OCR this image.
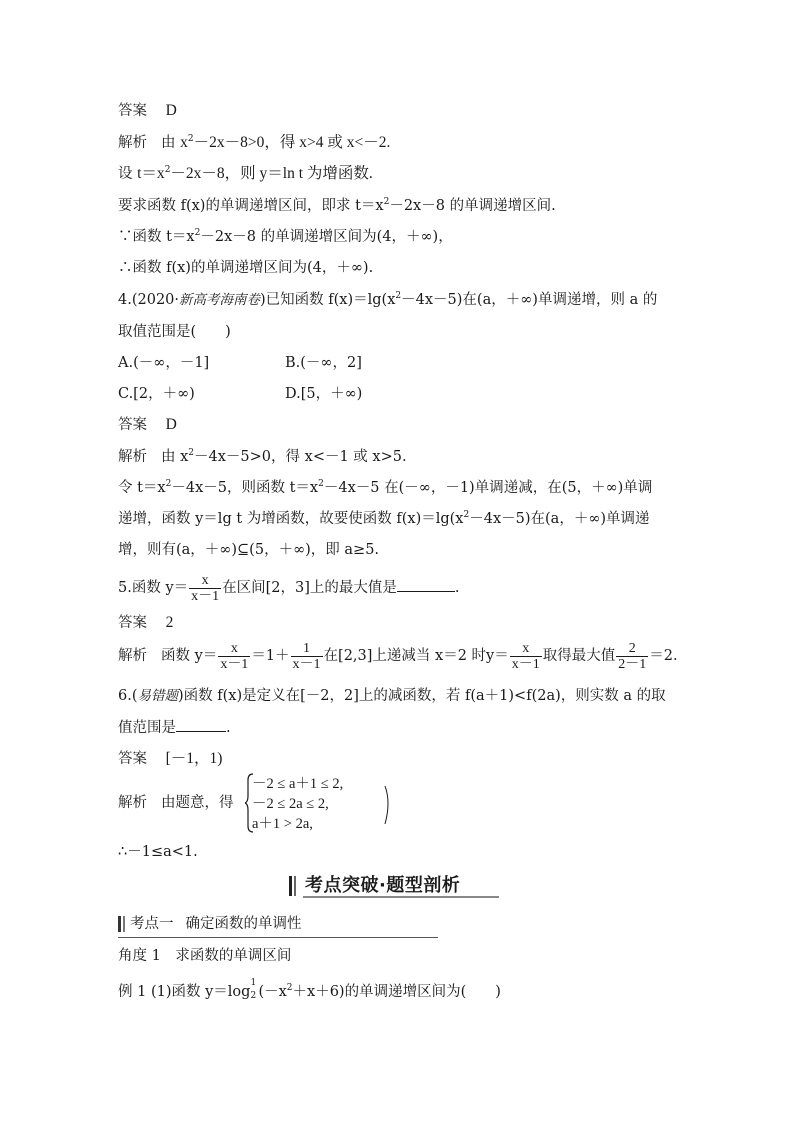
答案 D
解析 由 $x^2-2x-8>0$，得 x>4 或 x<－2.
设 $t=x^2-2x-8$，则 y＝ln t 为增函数.
要求函数 f(x)的单调递增区间，即求 $t=x^2-2x-8$ 的单调递增区间.
∵函数 $t=x^2-2x-8$ 的单调递增区间为(4，＋∞)，
∴函数 f(x)的单调递增区间为(4，＋∞).
4.(2020·新高考海南卷)已知函数 $f(x)=\lg(x^2-4x-5)$在(a，＋∞)单调递增，则 a 的
取值范围是(　　)
A.(－∞，－1]	B.(－∞，2]
C.[2，＋∞)	D.[5，＋∞)
答案 D
解析 由 $x^2-4x-5>0$，得 x<－1 或 x>5.
令 $t=x^2-4x-5$，则函数 $t=x^2-4x-5$ 在(－∞，－1)单调递减，在(5，＋∞)单调
递增，函数 y＝lg t 为增函数，故要使函数 $f(x)=\lg(x^2-4x-5)$在(a，＋∞)单调递
增，则有(a，＋∞)⊆(5，＋∞)，即 a≥5.
5.函数 $y= \frac{x}{x-1}$ 在区间[2，3]上的最大值是	.
答案 2
解析 函数 $y= \frac{x}{x-1} =1+ \frac{1}{x-1}$ 在[2,3]上递减当 x＝2 时$y= \frac{x}{x-1}$ 取得最大值 $\frac{2}{2-1} =2$.
6.(易错题)函数 f(x)是定义在[－2，2]上的减函数，若 f(a＋1)<f(2a)，则实数 a 的取
值范围是	.
答案 [－1，1)
解析 由题意，得
－2 ≤ a＋1 ≤ 2,
－2 ≤ 2a ≤ 2,
a＋1 > 2a,
∴－1≤a<1.
考点突破·题型剖析
考点一 确定函数的单调性
角度 1　求函数的单调区间
例 1 (1)函数 y＝log
1
2 $(-x^2+x+6)$的单调递增区间为(　　)
